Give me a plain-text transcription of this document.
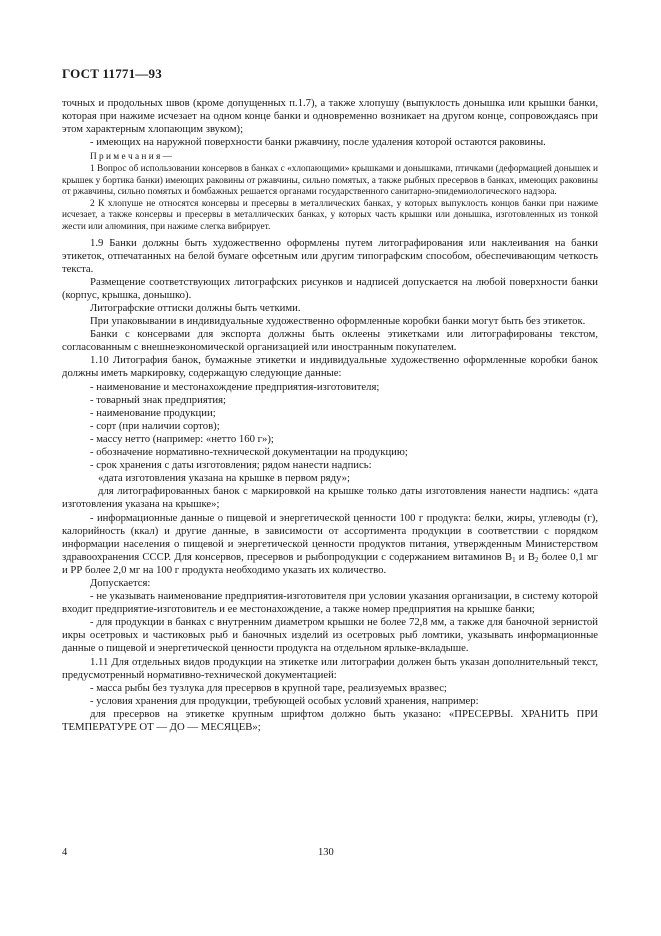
ГОСТ 11771—93

точных и продольных швов (кроме допущенных п.1.7), а также хлопушу (выпуклость донышка или крышки банки, которая при нажиме исчезает на одном конце банки и одновременно возникает на другом конце, сопровождаясь при этом характерным хлопающим звуком);

- имеющих на наружной поверхности банки ржавчину, после удаления которой остаются раковины.

П р и м е ч а н и я —

1 Вопрос об использовании консервов в банках с «хлопающими» крышками и донышками, птичками (деформацией донышек и крышек у бортика банки) имеющих раковины от ржавчины, сильно помятых, а также рыбных пресервов в банках, имеющих раковины от ржавчины, сильно помятых и бомбажных решается органами государственного санитарно-эпидемиологического надзора.

2 К хлопуше не относятся консервы и пресервы в металлических банках, у которых выпуклость концов банки при нажиме исчезает, а также консервы и пресервы в металлических банках, у которых часть крышки или донышка, изготовленных из тонкой жести или алюминия, при нажиме слегка вибрирует.

1.9 Банки должны быть художественно оформлены путем литографирования или наклеивания на банки этикеток, отпечатанных на белой бумаге офсетным или другим типографским способом, обеспечивающим четкость текста.

Размещение соответствующих литографских рисунков и надписей допускается на любой поверхности банки (корпус, крышка, донышко).

Литографские оттиски должны быть четкими.

При упаковывании в индивидуальные художественно оформленные коробки банки могут быть без этикеток.

Банки с консервами для экспорта должны быть оклеены этикетками или литографированы текстом, согласованным с внешнеэкономической организацией или иностранным покупателем.

1.10 Литография банок, бумажные этикетки и индивидуальные художественно оформленные коробки банок должны иметь маркировку, содержащую следующие данные:

- наименование и местонахождение предприятия-изготовителя;

- товарный знак предприятия;

- наименование продукции;

- сорт (при наличии сортов);

- массу нетто (например: «нетто 160 г»);

- обозначение нормативно-технической документации на продукцию;

- срок хранения с даты изготовления; рядом нанести надпись:

«дата изготовления указана на крышке в первом ряду»;

для литографированных банок с маркировкой на крышке только даты изготовления нанести надпись: «дата изготовления указана на крышке»;

- информационные данные о пищевой и энергетической ценности 100 г продукта: белки, жиры, углеводы (г), калорийность (ккал) и другие данные, в зависимости от ассортимента продукции в соответствии с порядком информации населения о пищевой и энергетической ценности продуктов питания, утвержденным Министерством здравоохранения СССР. Для консервов, пресервов и рыбопродукции с содержанием витаминов $В_1$ и $В_2$ более 0,1 мг и РР более 2,0 мг на 100 г продукта необходимо указать их количество.

Допускается:

- не указывать наименование предприятия-изготовителя при условии указания организации, в систему которой входит предприятие-изготовитель и ее местонахождение, а также номер предприятия на крышке банки;

- для продукции в банках с внутренним диаметром крышки не более 72,8 мм, а также для баночной зернистой икры осетровых и частиковых рыб и баночных изделий из осетровых рыб ломтики, указывать информационные данные о пищевой и энергетической ценности продукта на отдельном ярлыке-вкладыше.

1.11 Для отдельных видов продукции на этикетке или литографии должен быть указан дополнительный текст, предусмотренный нормативно-технической документацией:

- масса рыбы без тузлука для пресервов в крупной таре, реализуемых вразвес;

- условия хранения для продукции, требующей особых условий хранения, например:

для пресервов на этикетке крупным шрифтом должно быть указано: «ПРЕСЕРВЫ. ХРАНИТЬ ПРИ ТЕМПЕРАТУРЕ ОТ — ДО — МЕСЯЦЕВ»;

4	130
